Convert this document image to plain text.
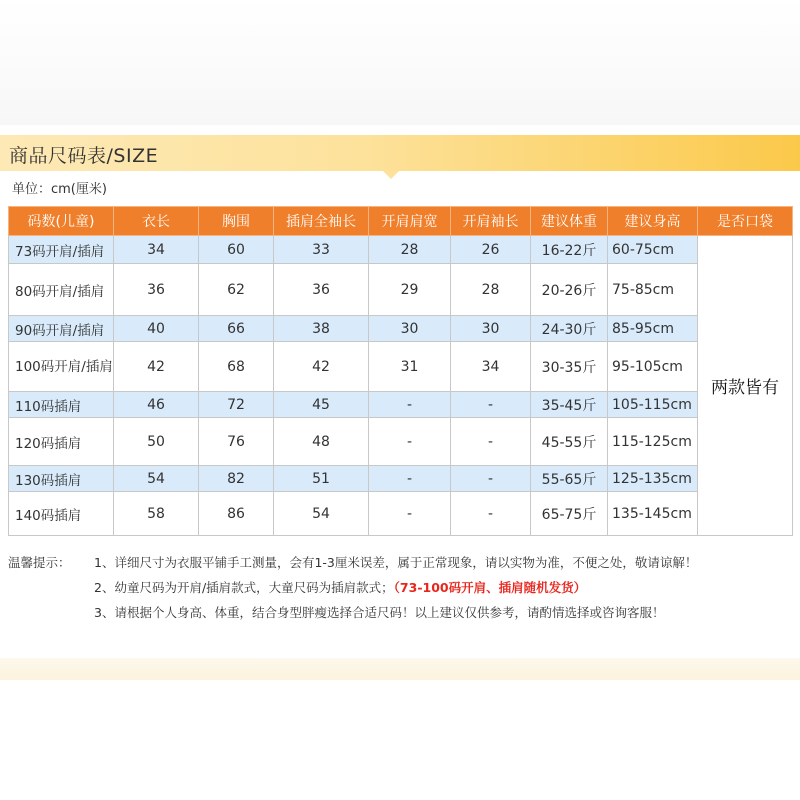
商品尺码表/SIZE
单位：cm(厘米)
码数(儿童)	衣长	胸围	插肩全袖长	开肩肩宽	开肩袖长	建议体重	建议身高	是否口袋
73码开肩/插肩	34	60	33	28	26	16-22斤	60-75cm	两款皆有
80码开肩/插肩	36	62	36	29	28	20-26斤	75-85cm	
90码开肩/插肩	40	66	38	30	30	24-30斤	85-95cm	
100码开肩/插肩	42	68	42	31	34	30-35斤	95-105cm	
110码插肩	46	72	45	-	-	35-45斤	105-115cm	
120码插肩	50	76	48	-	-	45-55斤	115-125cm	
130码插肩	54	82	51	-	-	55-65斤	125-135cm	
140码插肩	58	86	54	-	-	65-75斤	135-145cm	
温馨提示： 1、详细尺寸为衣服平铺手工测量，会有1-3厘米误差，属于正常现象，请以实物为准，不便之处，敬请谅解！
2、幼童尺码为开肩/插肩款式，大童尺码为插肩款式；（73-100码开肩、插肩随机发货）
3、请根据个人身高、体重，结合身型胖瘦选择合适尺码！以上建议仅供参考，请酌情选择或咨询客服！
